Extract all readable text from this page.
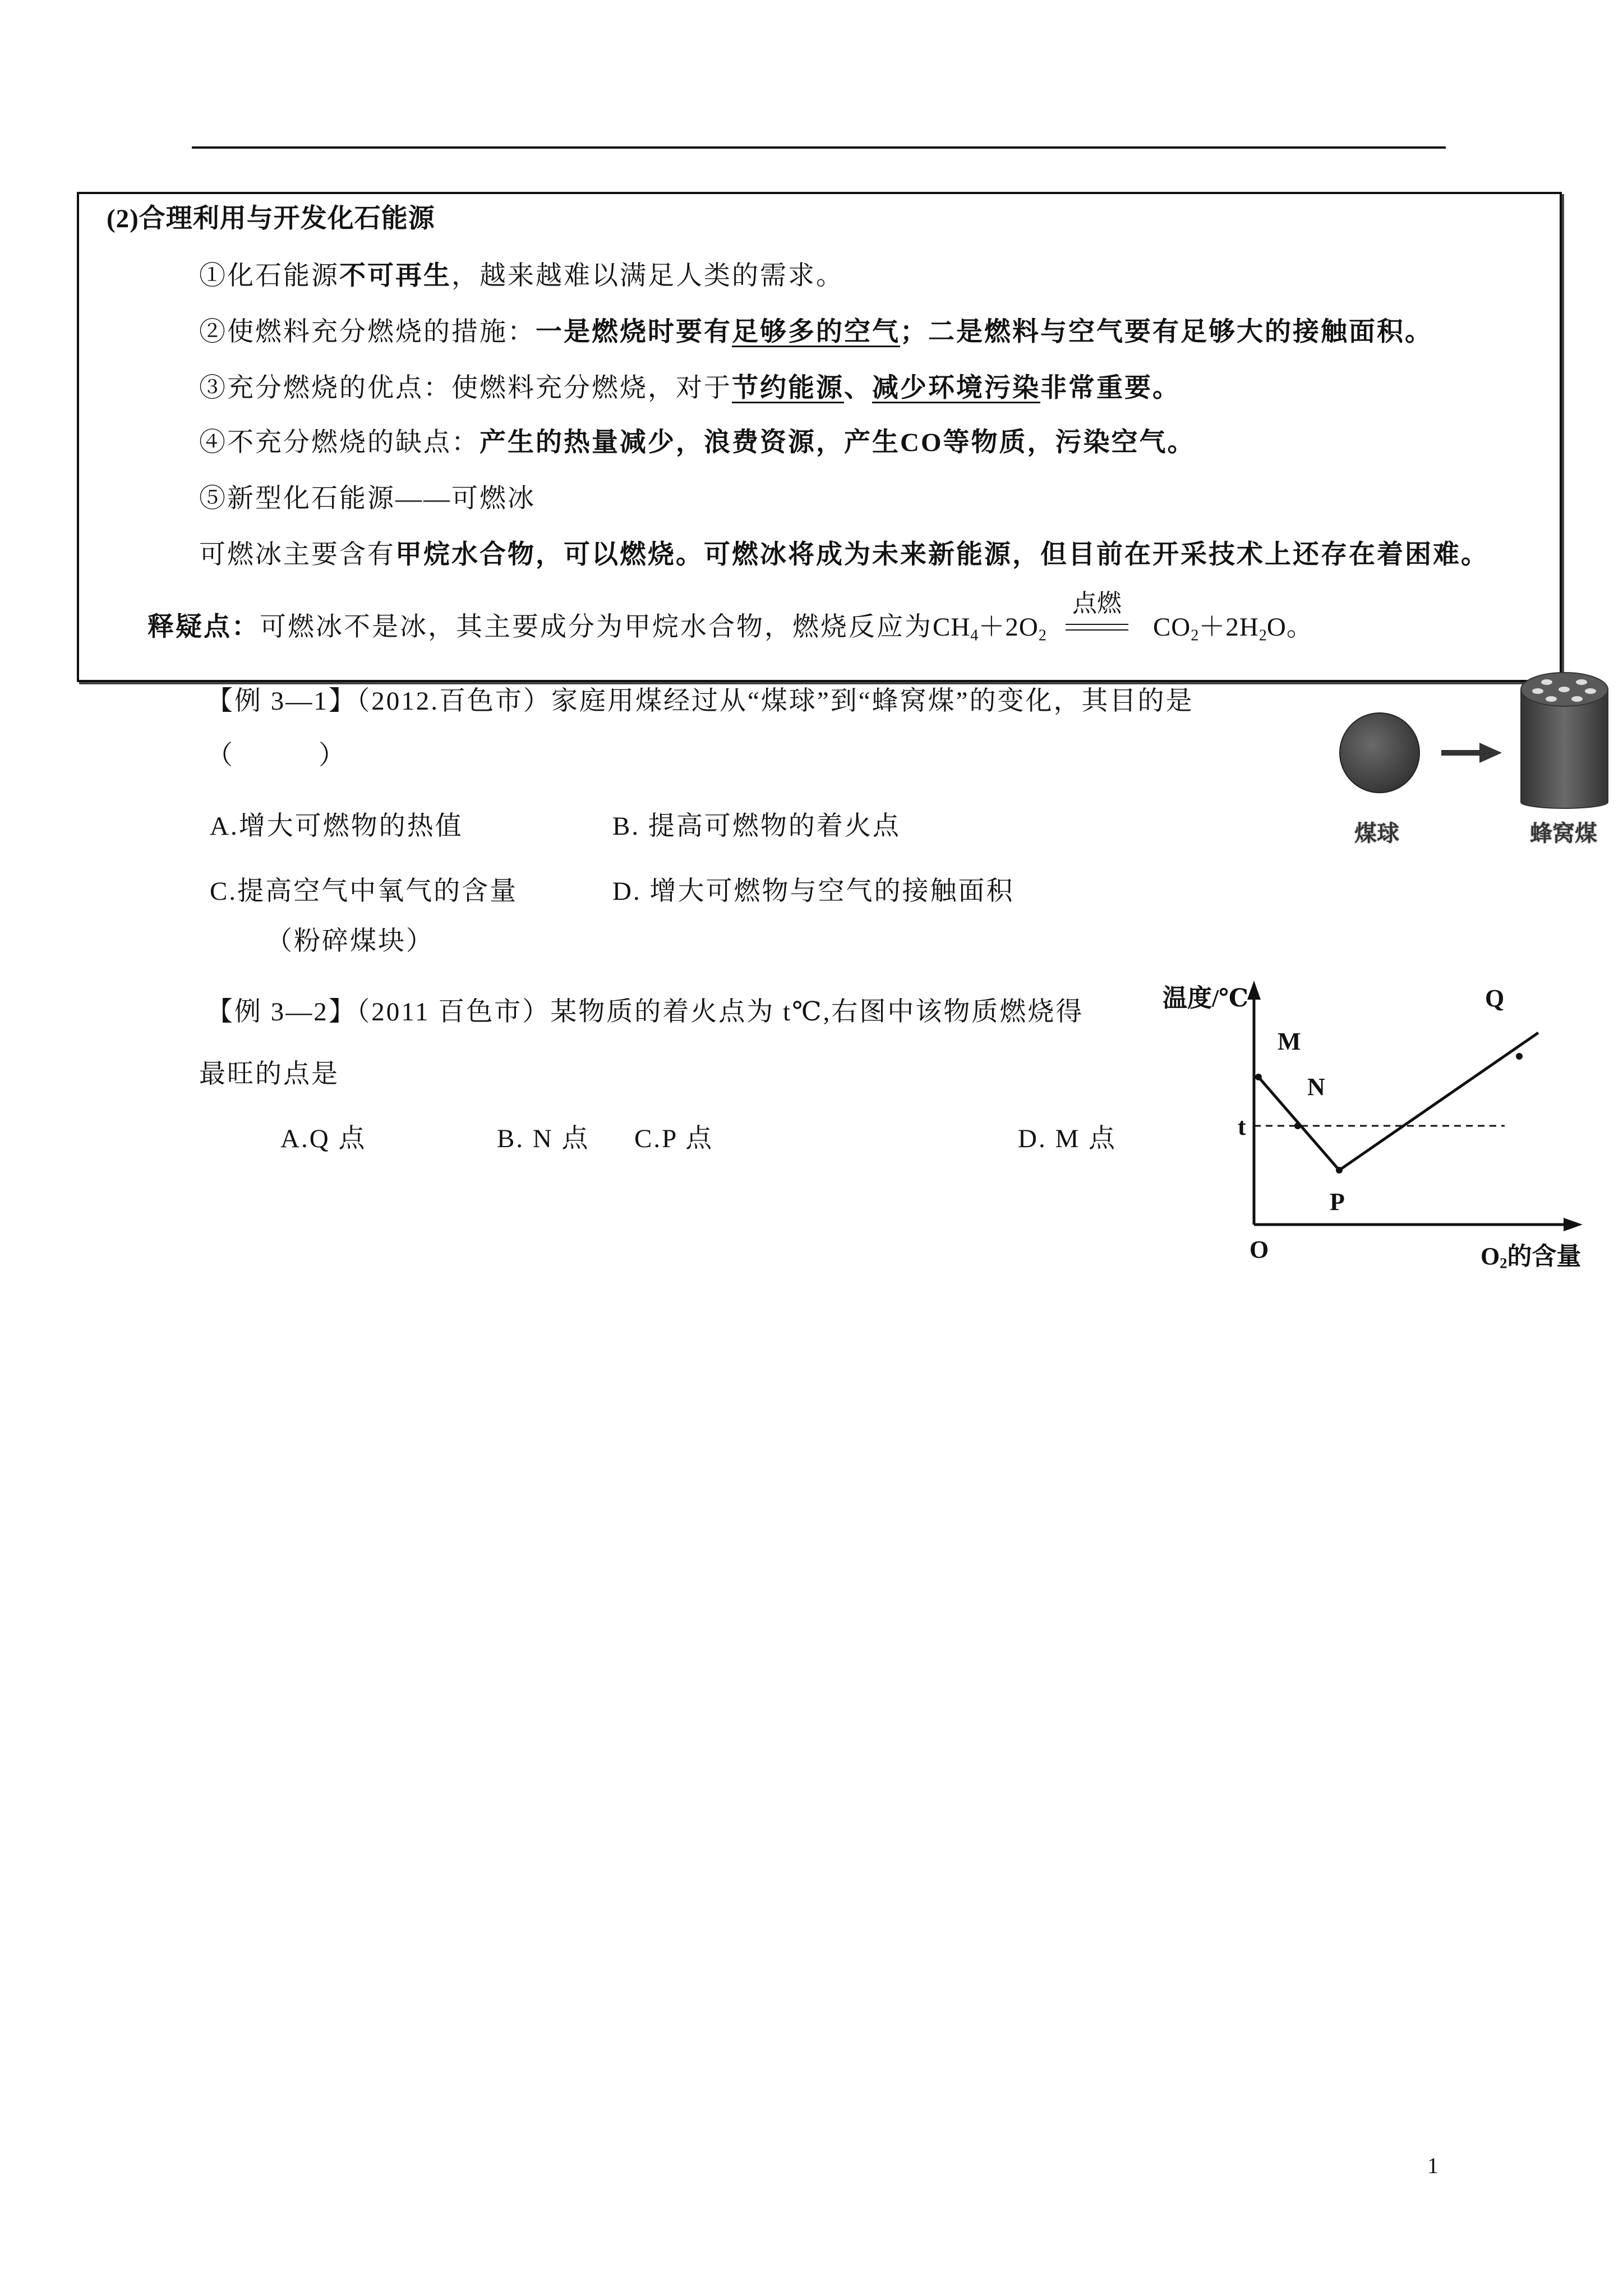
(2)合理利用与开发化石能源
①化石能源不可再生，越来越难以满足人类的需求。
②使燃料充分燃烧的措施：一是燃烧时要有足够多的空气；二是燃料与空气要有足够大的接触面积。
③充分燃烧的优点：使燃料充分燃烧，对于节约能源、减少环境污染非常重要。
④不充分燃烧的缺点：产生的热量减少，浪费资源，产生CO等物质，污染空气。
⑤新型化石能源——可燃冰
可燃冰主要含有甲烷水合物，可以燃烧。可燃冰将成为未来新能源，但目前在开采技术上还存在着困难。
释疑点：可燃冰不是冰，其主要成分为甲烷水合物，燃烧反应为$CH_4+2O_2$
点燃
$CO_2+2H_2O$。
【例 3—1】（2012.百色市）家庭用煤经过从“煤球”到“蜂窝煤”的变化，其目的是
（　　　）
A.增大可燃物的热值	B. 提高可燃物的着火点
C.提高空气中氧气的含量	D. 增大可燃物与空气的接触面积
（粉碎煤块）
煤球	蜂窝煤
【例 3—2】（2011 百色市）某物质的着火点为 t℃,右图中该物质燃烧得
最旺的点是
A.Q 点	B. N 点 C.P 点	D. M 点
温度/℃	Q
M
N
t
P
O	$O_2$的含量
1
